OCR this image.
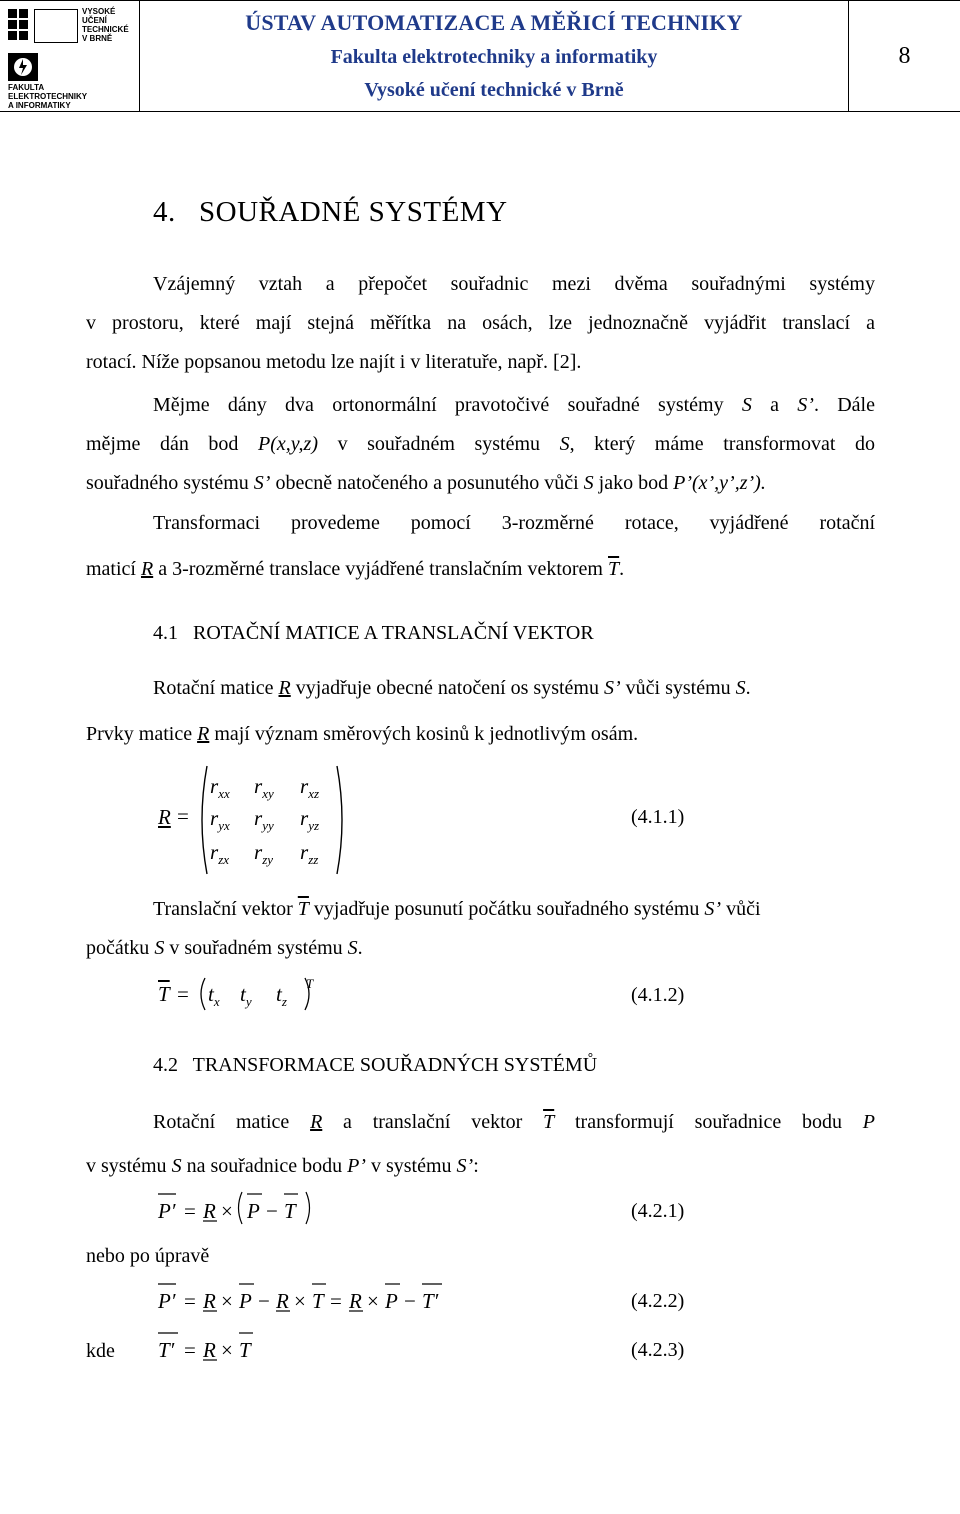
VYSOKÉ
UČENÍ
TECHNICKÉ
V BRNĚ
FAKULTA
ELEKTROTECHNIKY
A INFORMATIKY
ÚSTAV AUTOMATIZACE A MĚŘICÍ TECHNIKY
Fakulta elektrotechniky a informatiky
Vysoké učení technické v Brně
8
4.   SOUŘADNÉ SYSTÉMY
Vzájemný vztah a přepočet souřadnic mezi dvěma souřadnými systémy
v prostoru, které mají stejná měřítka na osách, lze jednoznačně vyjádřit translací a
rotací. Níže popsanou metodu lze najít i v literatuře, např. [2].
Mějme dány dva ortonormální pravotočivé souřadné systémy S a S’. Dále
mějme dán bod P(x,y,z) v souřadném systému S, který máme transformovat do
souřadného systému S’ obecně natočeného a posunutého vůči S jako bod P’(x’,y’,z’).
Transformaci provedeme pomocí 3-rozměrné rotace, vyjádřené rotační
maticí R a 3-rozměrné translace vyjádřené translačním vektorem $\overline{T}$.
4.1   ROTAČNÍ MATICE A TRANSLAČNÍ VEKTOR
Rotační matice R vyjadřuje obecné natočení os systému S’ vůči systému S.
Prvky matice R mají význam směrových kosinů k jednotlivým osám.
R =
$r_{xx}$ $r_{xy}$ $r_{xz}$
$r_{yx}$ $r_{yy}$ $r_{yz}$
$r_{zx}$ $r_{zy}$ $r_{zz}$
(4.1.1)
Translační vektor $\overline{T}$ vyjadřuje posunutí počátku souřadného systému S’ vůči
počátku S v souřadném systému S.
$\overline{T} = t_x$ $t_y$ $t_z$
T
(4.1.2)
4.2   TRANSFORMACE SOUŘADNÝCH SYSTÉMŮ
Rotační matice R a translační vektor $\overline{T}$ transformují souřadnice bodu P
v systému S na souřadnice bodu P’ v systému S’:
P′ = R × P − T	(4.2.1)
nebo po úpravě
P′ = R × P − R × T = R × P − T′	(4.2.2)
kde T′ = R × T	(4.2.3)
